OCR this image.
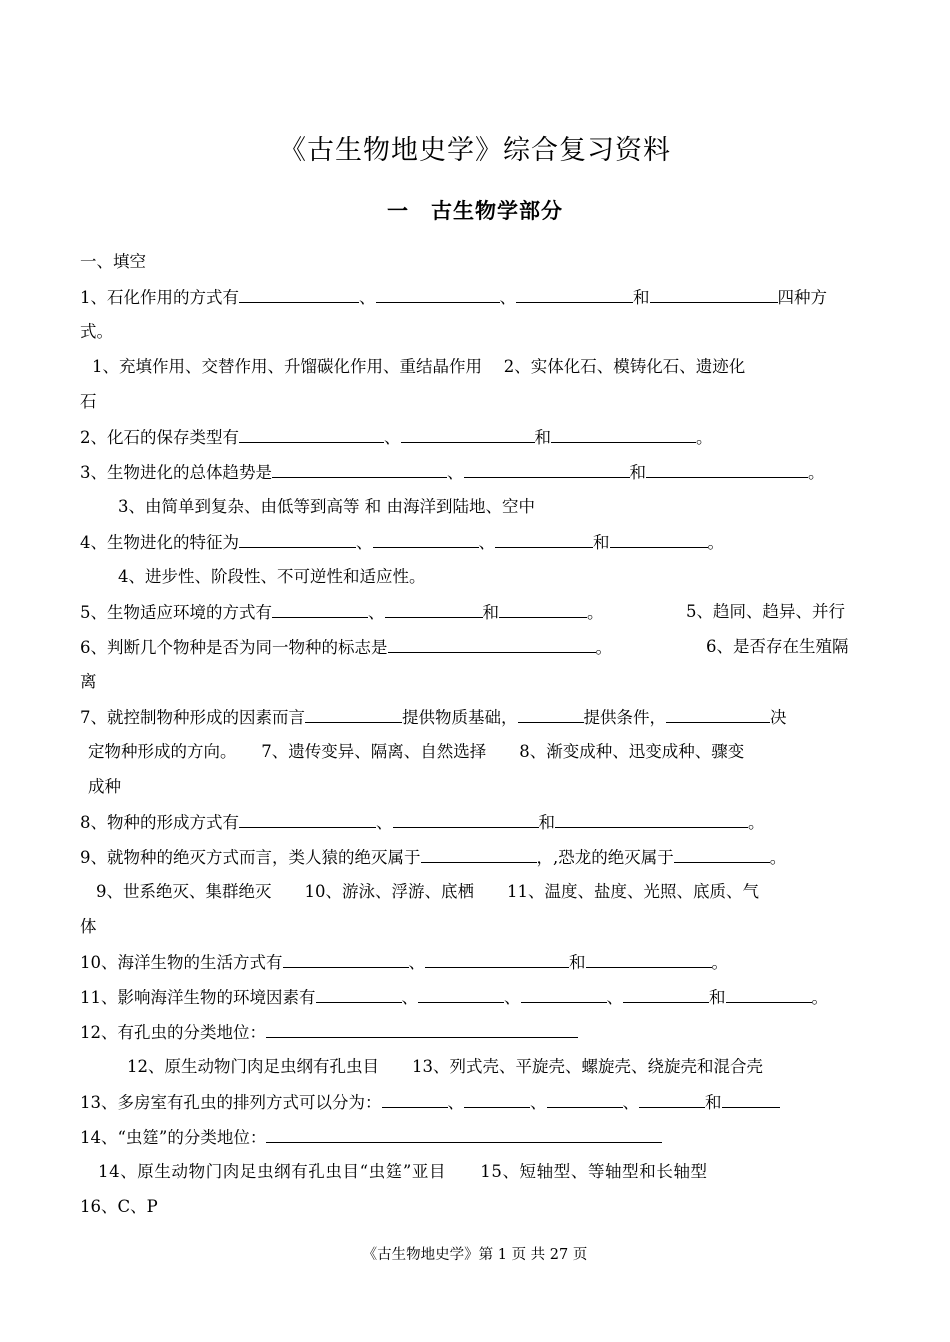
《古生物地史学》综合复习资料
一　古生物学部分
一、填空
1、石化作用的方式有	、	、	和	四种方
式。
1、充填作用、交替作用、升馏碳化作用、重结晶作用　 2、实体化石、模铸化石、遗迹化
石
2、化石的保存类型有	、	和	。
3、生物进化的总体趋势是	、	和	。
3、由简单到复杂、由低等到高等 和 由海洋到陆地、空中
4、生物进化的特征为	、	、	和	。
4、进步性、阶段性、不可逆性和适应性。
5、生物适应环境的方式有	、	和	。	5、趋同、趋异、并行
6、判断几个物种是否为同一物种的标志是	。	6、是否存在生殖隔
离
7、就控制物种形成的因素而言	提供物质基础，	提供条件，	决
定物种形成的方向。　　7、遗传变异、隔离、自然选择　　8、渐变成种、迅变成种、骤变
成种
8、物种的形成方式有	、	和	。
9、就物种的绝灭方式而言，类人猿的绝灭属于	，,恐龙的绝灭属于	。
9、世系绝灭、集群绝灭　　10、游泳、浮游、底栖　　11、温度、盐度、光照、底质、气
体
10、海洋生物的生活方式有	、	和	。
11、影响海洋生物的环境因素有	、	、	、	和	。
12、有孔虫的分类地位：
12、原生动物门肉足虫纲有孔虫目　　13、列式壳、平旋壳、螺旋壳、绕旋壳和混合壳
13、多房室有孔虫的排列方式可以分为：	、	、	、	和
14、“虫筳”的分类地位：
14、原生动物门肉足虫纲有孔虫目“虫筳”亚目　　15、短轴型、等轴型和长轴型
16、C、P
《古生物地史学》第 1 页 共 27 页
